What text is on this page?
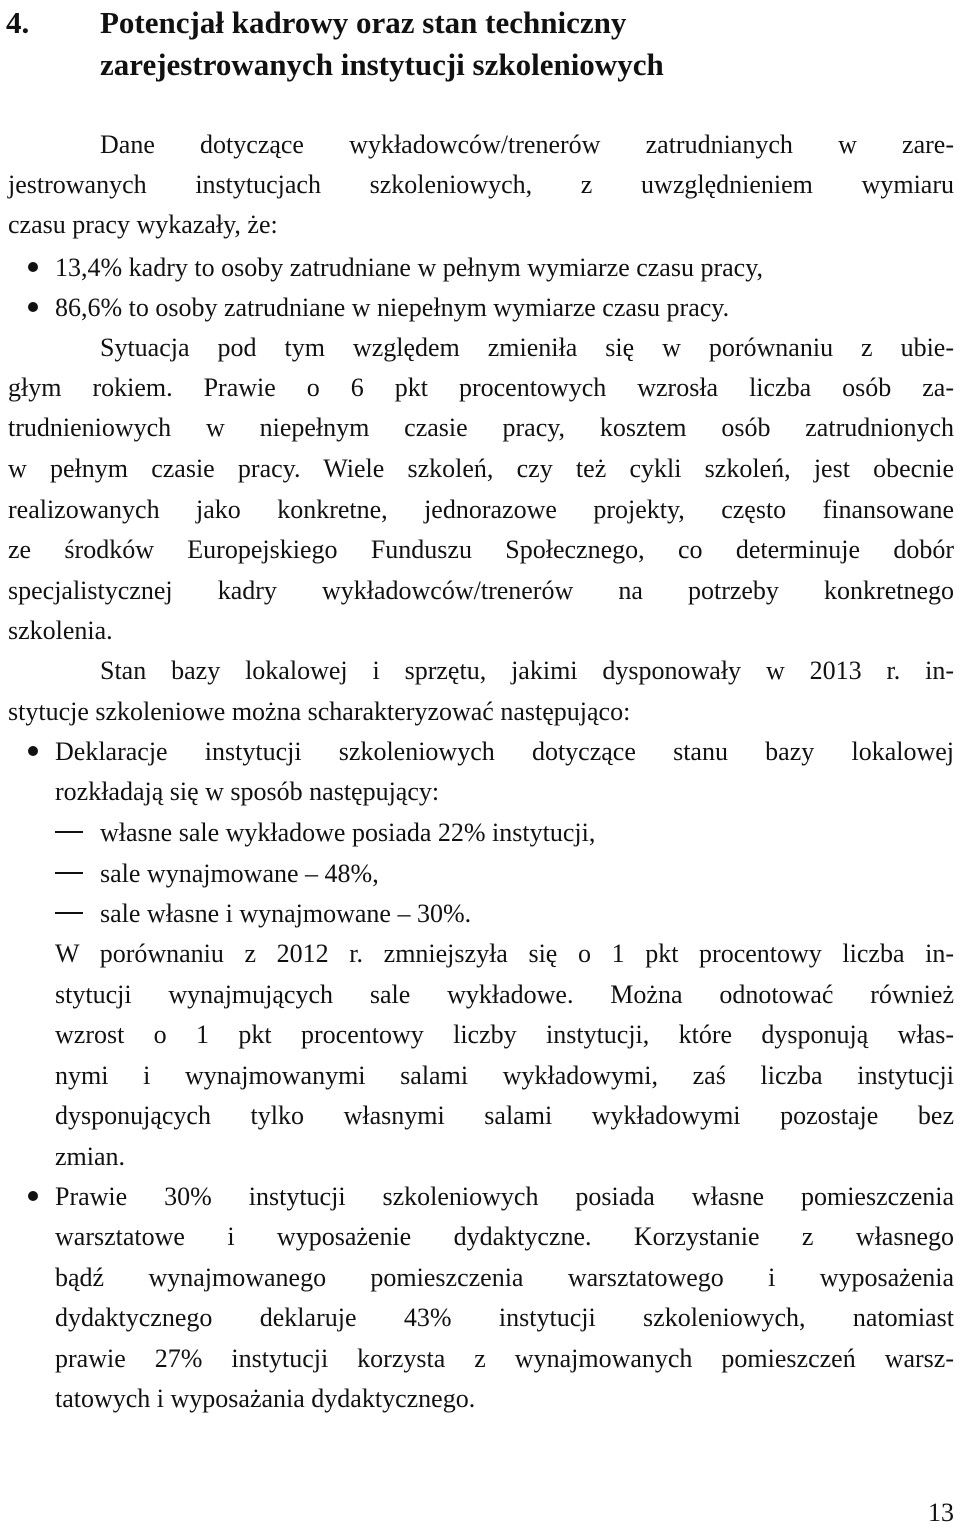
4. Potencjał kadrowy oraz stan techniczny
zarejestrowanych instytucji szkoleniowych
Dane dotyczące wykładowców/trenerów zatrudnianych w zare-
jestrowanych instytucjach szkoleniowych, z uwzględnieniem wymiaru
czasu pracy wykazały, że:
13,4% kadry to osoby zatrudniane w pełnym wymiarze czasu pracy,
86,6% to osoby zatrudniane w niepełnym wymiarze czasu pracy.
Sytuacja pod tym względem zmieniła się w porównaniu z ubie-
głym rokiem. Prawie o 6 pkt procentowych wzrosła liczba osób za-
trudnieniowych w niepełnym czasie pracy, kosztem osób zatrudnionych
w pełnym czasie pracy. Wiele szkoleń, czy też cykli szkoleń, jest obecnie
realizowanych jako konkretne, jednorazowe projekty, często finansowane
ze środków Europejskiego Funduszu Społecznego, co determinuje dobór
specjalistycznej kadry wykładowców/trenerów na potrzeby konkretnego
szkolenia.
Stan bazy lokalowej i sprzętu, jakimi dysponowały w 2013 r. in-
stytucje szkoleniowe można scharakteryzować następująco:
Deklaracje instytucji szkoleniowych dotyczące stanu bazy lokalowej
rozkładają się w sposób następujący:
własne sale wykładowe posiada 22% instytucji,
sale wynajmowane – 48%,
sale własne i wynajmowane – 30%.
W porównaniu z 2012 r. zmniejszyła się o 1 pkt procentowy liczba in-
stytucji wynajmujących sale wykładowe. Można odnotować również
wzrost o 1 pkt procentowy liczby instytucji, które dysponują włas-
nymi i wynajmowanymi salami wykładowymi, zaś liczba instytucji
dysponujących tylko własnymi salami wykładowymi pozostaje bez
zmian.
Prawie 30% instytucji szkoleniowych posiada własne pomieszczenia
warsztatowe i wyposażenie dydaktyczne. Korzystanie z własnego
bądź wynajmowanego pomieszczenia warsztatowego i wyposażenia
dydaktycznego deklaruje 43% instytucji szkoleniowych, natomiast
prawie 27% instytucji korzysta z wynajmowanych pomieszczeń warsz-
tatowych i wyposażania dydaktycznego.
13
